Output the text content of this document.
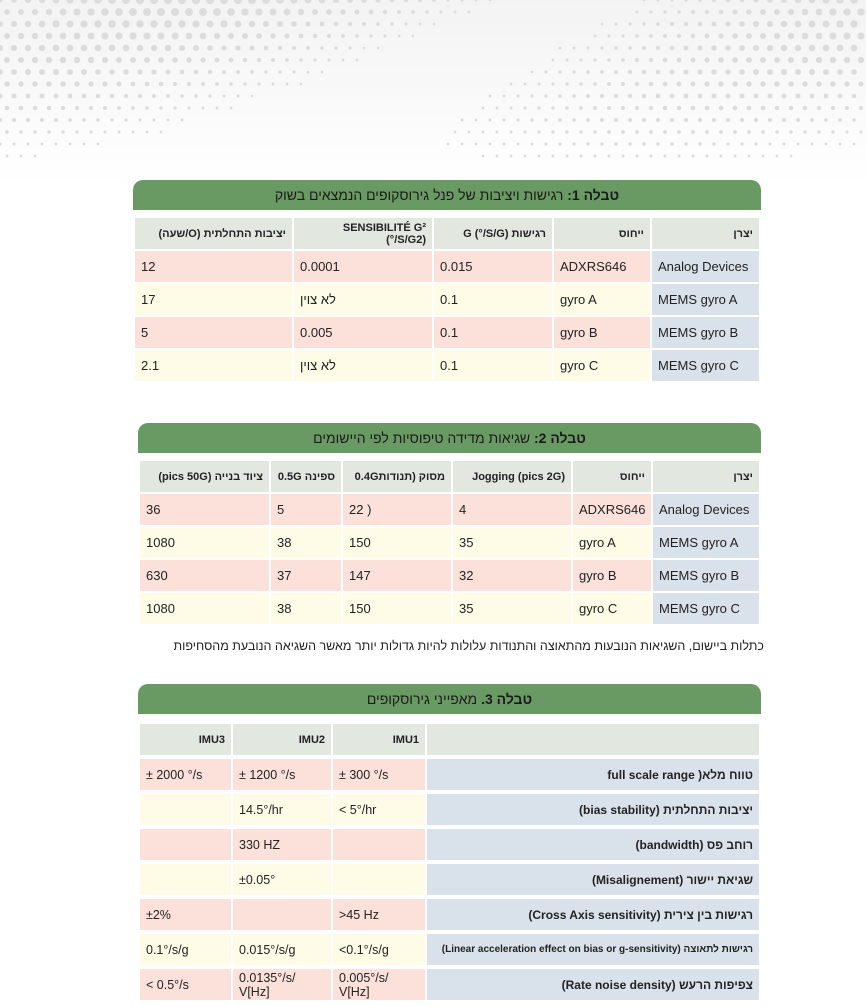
טבלה 1: רגישות ויציבות של פנל גירוסקופים הנמצאים בשוק
יצרן	ייחוס	רגישות G (°/S/G)	SENSIBILITÉ G² (°/S/G2)	יציבות התחלתית (O/שעה)
Analog Devices	ADXRS646	0.015	0.0001	12
MEMS gyro A	gyro A	0.1	לא צוין	17
MEMS gyro B	gyro B	0.1	0.005	5
MEMS gyro C	gyro C	0.1	לא צוין	2.1
טבלה 2: שגיאות מדידה טיפוסיות לפי היישומים
יצרן	ייחוס	Jogging (pics 2G)	מסוק (תנודות0.4G	ספינה 0.5G	ציוד בנייה (pics 50G)
Analog Devices	ADXRS646	4	22 )	5	36
MEMS gyro A	gyro A	35	150	38	1080
MEMS gyro B	gyro B	32	147	37	630
MEMS gyro C	gyro C	35	150	38	1080
כתלות ביישום, השגיאות הנובעות מהתאוצה והתנודות עלולות להיות גדולות יותר מאשר השגיאה הנובעת מהסחיפות
טבלה 3. מאפייני גירוסקופים
	IMU1	IMU2	IMU3
טווח מלא( full scale range	± 300 °/s	± 1200 °/s	± 2000 °/s
יציבות התחלתית (bias stability)	< 5°/hr	14.5°/hr	
רוחב פס (bandwidth)		330 HZ	
שגיאת יישור (Misalignement)		±0.05°	
רגישות בין צירית (Cross Axis sensitivity)	>45 Hz		±2%
רגישות לתאוצה (Linear acceleration effect on bias or g-sensitivity)	<0.1°/s/g	0.015°/s/g	0.1°/s/g
צפיפות הרעש (Rate noise density)	0.005°/s/ V[Hz]	0.0135°/s/ V[Hz]	< 0.5°/s
